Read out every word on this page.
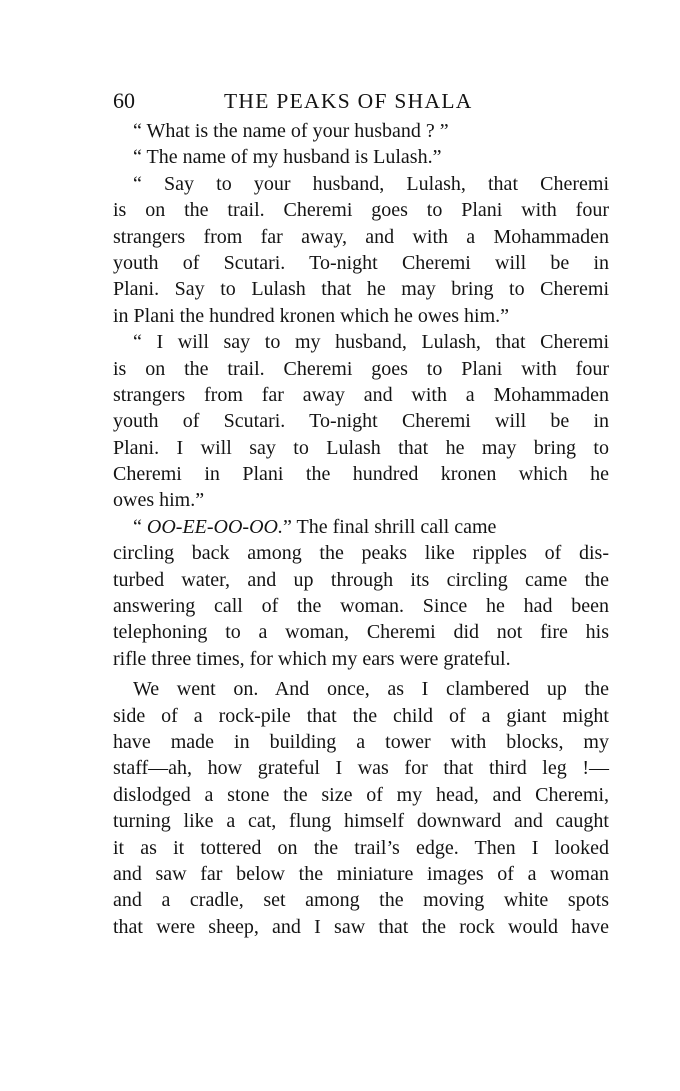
60	THE PEAKS OF SHALA
“ What is the name of your husband ? ”
“ The name of my husband is Lulash.”
“ Say to your husband, Lulash, that Cheremi
is on the trail. Cheremi goes to Plani with four
strangers from far away, and with a Mohammaden
youth of Scutari. To-night Cheremi will be in
Plani. Say to Lulash that he may bring to Cheremi
in Plani the hundred kronen which he owes him.”
“ I will say to my husband, Lulash, that Cheremi
is on the trail. Cheremi goes to Plani with four
strangers from far away and with a Mohammaden
youth of Scutari. To-night Cheremi will be in
Plani. I will say to Lulash that he may bring to
Cheremi in Plani the hundred kronen which he
owes him.”
“ OO-EE-OO-OO.” The final shrill call came
circling back among the peaks like ripples of dis-
turbed water, and up through its circling came the
answering call of the woman. Since he had been
telephoning to a woman, Cheremi did not fire his
rifle three times, for which my ears were grateful.
We went on. And once, as I clambered up the
side of a rock-pile that the child of a giant might
have made in building a tower with blocks, my
staff—ah, how grateful I was for that third leg !—
dislodged a stone the size of my head, and Cheremi,
turning like a cat, flung himself downward and caught
it as it tottered on the trail’s edge. Then I looked
and saw far below the miniature images of a woman
and a cradle, set among the moving white spots
that were sheep, and I saw that the rock would have
